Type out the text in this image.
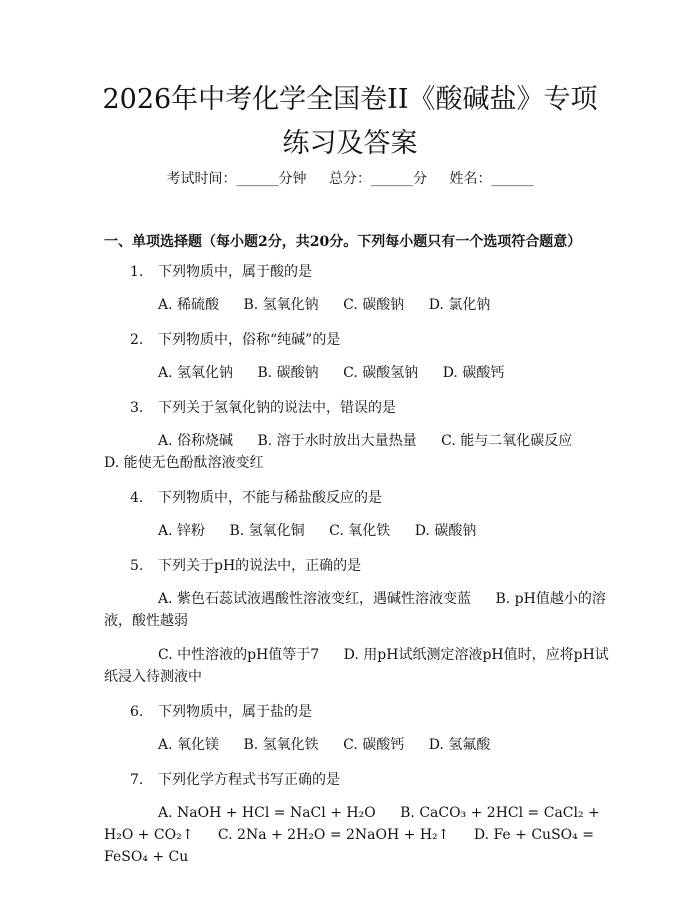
2026年中考化学全国卷II《酸碱盐》专项练习及答案
考试时间：______分钟 总分：______分 姓名：______
一、单项选择题（每小题2分，共20分。下列每小题只有一个选项符合题意）
1. 下列物质中，属于酸的是
A. 稀硫酸 B. 氢氧化钠 C. 碳酸钠 D. 氯化钠
2. 下列物质中，俗称“纯碱”的是
A. 氢氧化钠 B. 碳酸钠 C. 碳酸氢钠 D. 碳酸钙
3. 下列关于氢氧化钠的说法中，错误的是
A. 俗称烧碱 B. 溶于水时放出大量热量 C. 能与二氧化碳反应 D. 能使无色酚酞溶液变红
4. 下列物质中，不能与稀盐酸反应的是
A. 锌粉 B. 氢氧化铜 C. 氧化铁 D. 碳酸钠
5. 下列关于pH的说法中，正确的是
A. 紫色石蕊试液遇酸性溶液变红，遇碱性溶液变蓝 B. pH值越小的溶液，酸性越弱
C. 中性溶液的pH值等于7 D. 用pH试纸测定溶液pH值时，应将pH试纸浸入待测液中
6. 下列物质中，属于盐的是
A. 氧化镁 B. 氢氧化铁 C. 碳酸钙 D. 氢氟酸
7. 下列化学方程式书写正确的是
A. NaOH + HCl = NaCl + H₂O B. CaCO₃ + 2HCl = CaCl₂ + H₂O + CO₂↑ C. 2Na + 2H₂O = 2NaOH + H₂↑ D. Fe + CuSO₄ = FeSO₄ + Cu
